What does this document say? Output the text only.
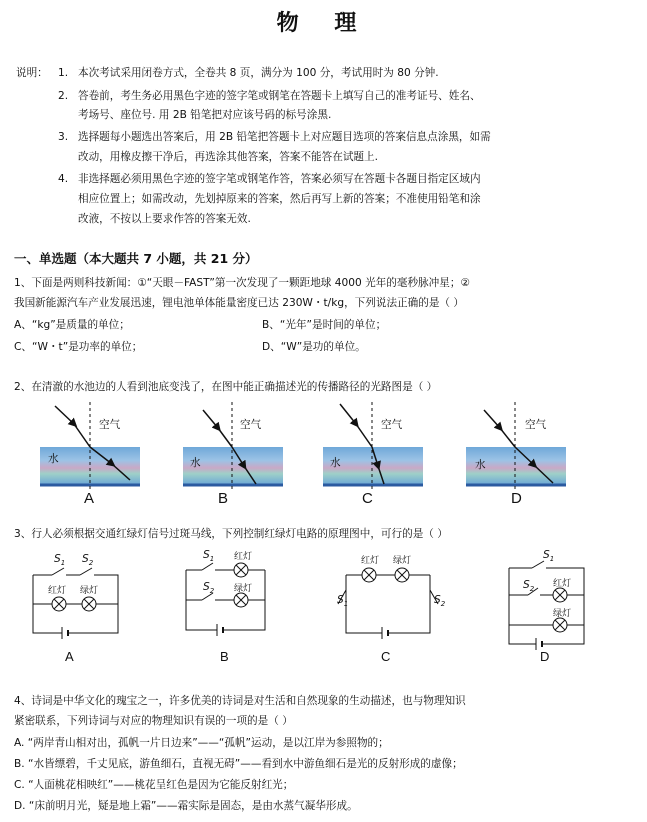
物 理
说明： 1. 本次考试采用闭卷方式，全卷共 8 页，满分为 100 分，考试用时为 80 分钟.
2. 答卷前，考生务必用黑色字迹的签字笔或钢笔在答题卡上填写自己的准考证号、姓名、
考场号、座位号. 用 2B 铅笔把对应该号码的标号涂黑.
3. 选择题每小题选出答案后，用 2B 铅笔把答题卡上对应题目选项的答案信息点涂黑，如需
改动，用橡皮擦干净后，再选涂其他答案，答案不能答在试题上.
4. 非选择题必须用黑色字迹的签字笔或钢笔作答，答案必须写在答题卡各题目指定区域内
相应位置上；如需改动，先划掉原来的答案，然后再写上新的答案；不准使用铅笔和涂
改液，不按以上要求作答的答案无效.
一、单选题（本大题共 7 小题，共 21 分）
1、下面是两则科技新闻：①“天眼－FAST”第一次发现了一颗距地球 4000 光年的毫秒脉冲星；②
我国新能源汽车产业发展迅速，锂电池单体能量密度已达 230W・t/kg，下列说法正确的是（ ）
A、“kg”是质量的单位；	B、“光年”是时间的单位；
C、“W・t”是功率的单位；	D、“W”是功的单位。
2、在清澈的水池边的人看到池底变浅了，在图中能正确描述光的传播路径的光路图是（ ）
空气
水
A
空气
水
B
空气
水
C
空气
水
D
3、行人必须根据交通红绿灯信号过斑马线，下列控制红绿灯电路的原理图中，可行的是（ ）
$S_1$ $S_2$
红灯 绿灯
A
$S_1$ 红灯
$S_2$ 绿灯
B
红灯 绿灯
$S_1$	$S_2$
C
$S_1$
$S_2$
红灯
绿灯
D
4、诗词是中华文化的瑰宝之一，许多优美的诗词是对生活和自然现象的生动描述，也与物理知识
紧密联系，下列诗词与对应的物理知识有误的一项的是（ ）
A. “两岸青山相对出，孤帆一片日边来”——“孤帆”运动，是以江岸为参照物的；
B. “水皆缥碧，千丈见底，游鱼细石，直视无碍”——看到水中游鱼细石是光的反射形成的虚像；
C. “人面桃花相映红”——桃花呈红色是因为它能反射红光；
D. “床前明月光，疑是地上霜”——霜实际是固态，是由水蒸气凝华形成。
